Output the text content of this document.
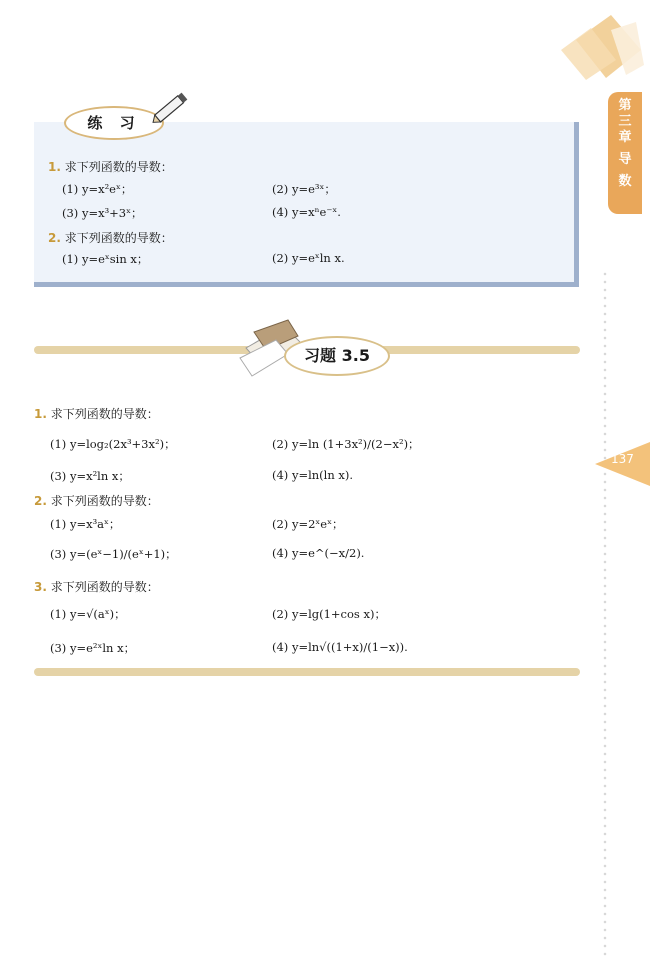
第
三
章
导
数
137
练 习
1. 求下列函数的导数：
(1) y=x²eˣ；	(2) y=e³ˣ；
(3) y=x³+3ˣ；	(4) y=xⁿe⁻ˣ.
2. 求下列函数的导数：
(1) y=eˣsin x；	(2) y=eˣln x.
习题 3.5
1. 求下列函数的导数：
(1) y=log₂(2x³+3x²)；	(2) y=ln (1+3x²)/(2−x²)；
(3) y=x²ln x；	(4) y=ln(ln x).
2. 求下列函数的导数：
(1) y=x³aˣ；	(2) y=2ˣeˣ；
(3) y=(eˣ−1)/(eˣ+1)；	(4) y=e^(−x/2).
3. 求下列函数的导数：
(1) y=√(aˣ)；	(2) y=lg(1+cos x)；
(3) y=e²ˣln x；	(4) y=ln√((1+x)/(1−x)).
